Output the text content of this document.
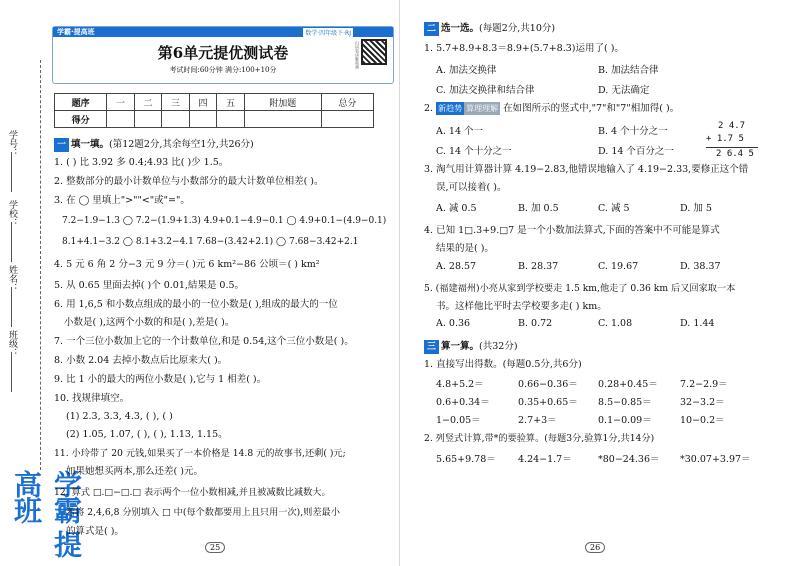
学校：
姓名：
班级：
学号：
学霸 提高班
学霸·提高班	数学·四年级下·RJ
第6单元提优测试卷
考试时间:60分钟 满分:100+10分
扫码看讲解视频
题序	一	二	三	四	五	附加题	总分
得分							
一 填一填。(第12题2分,其余每空1分,共26分)
1. ( ) 比 3.92 多 0.4;4.93 比( )少 1.5。
2. 整数部分的最小计数单位与小数部分的最大计数单位相差( )。
3. 在 ◯ 里填上">""<"或"="。
7.2−1.9−1.3 ◯ 7.2−(1.9+1.3) 4.9+0.1−4.9−0.1 ◯ 4.9+0.1−(4.9−0.1)
8.1+4.1−3.2 ◯ 8.1+3.2−4.1 7.68−(3.42+2.1) ◯ 7.68−3.42+2.1
4. 5 元 6 角 2 分−3 元 9 分＝( )元 6 km²−86 公顷＝( ) km²
5. 从 0.65 里面去掉( )个 0.01,結果是 0.5。
6. 用 1,6,5 和小数点组成的最小的一位小数是( ),组成的最大的一位
小数是( ),这两个小数的和是( ),差是( )。
7. 一个三位小数加上它的一个计数单位,和是 0.54,这个三位小数是( )。
8. 小数 2.04 去掉小数点后比原来大( )。
9. 比 1 小的最大的两位小数是( ),它与 1 相差( )。
10. 找规律填空。
(1) 2.3, 3.3, 4.3, ( ), ( )
(2) 1.05, 1.07, ( ), ( ), 1.13, 1.15。
11. 小玲带了 20 元钱,如果买了一本价格是 14.8 元的故事书,还剩( )元;
如果她想买两本,那么还差( )元。
12. 算式 □.□−□.□ 表示两个一位小数相减,并且被减数比减数大。
若将 2,4,6,8 分别填入 □ 中(每个数都要用上且只用一次),则差最小
的算式是( )。
25
二 选一选。(每题2分,共10分)
1. 5.7+8.9+8.3＝8.9+(5.7+8.3)运用了( )。
A. 加法交换律	B. 加法结合律
C. 加法交换律和结合律	D. 无法确定
2. 新趋势 算理理解 在如图所示的竖式中,"7"和"7"相加得( )。
A. 14 个一	B. 4 个十分之一
C. 14 个十分之一	D. 14 个百分之一
2 4.7
+ 1.7 5
2 6.4 5
3. 淘气用计算器计算 4.19−2.83,他错误地输入了 4.19−2.33,要修正这个错
误,可以接着( )。
A. 减 0.5	B. 加 0.5	C. 减 5	D. 加 5
4. 已知 1□.3+9.□7 是一个小数加法算式,下面的答案中不可能是算式
结果的是( )。
A. 28.57	B. 28.37	C. 19.67	D. 38.37
5. (福建福州)小亮从家到学校要走 1.5 km,他走了 0.36 km 后又回家取一本
书。这样他比平时去学校要多走( ) km。
A. 0.36	B. 0.72	C. 1.08	D. 1.44
三 算一算。(共32分)
1. 直接写出得数。(每题0.5分,共6分)
4.8+5.2＝	0.66−0.36＝ 0.28+0.45＝ 7.2−2.9＝
0.6+0.34＝	0.35+0.65＝ 8.5−0.85＝	32−3.2＝
1−0.05＝	2.7+3＝	0.1−0.09＝	10−0.2＝
2. 列竖式计算,带*的要验算。(每题3分,验算1分,共14分)
5.65+9.78＝ 4.24−1.7＝	*80−24.36＝ *30.07+3.97＝
26
